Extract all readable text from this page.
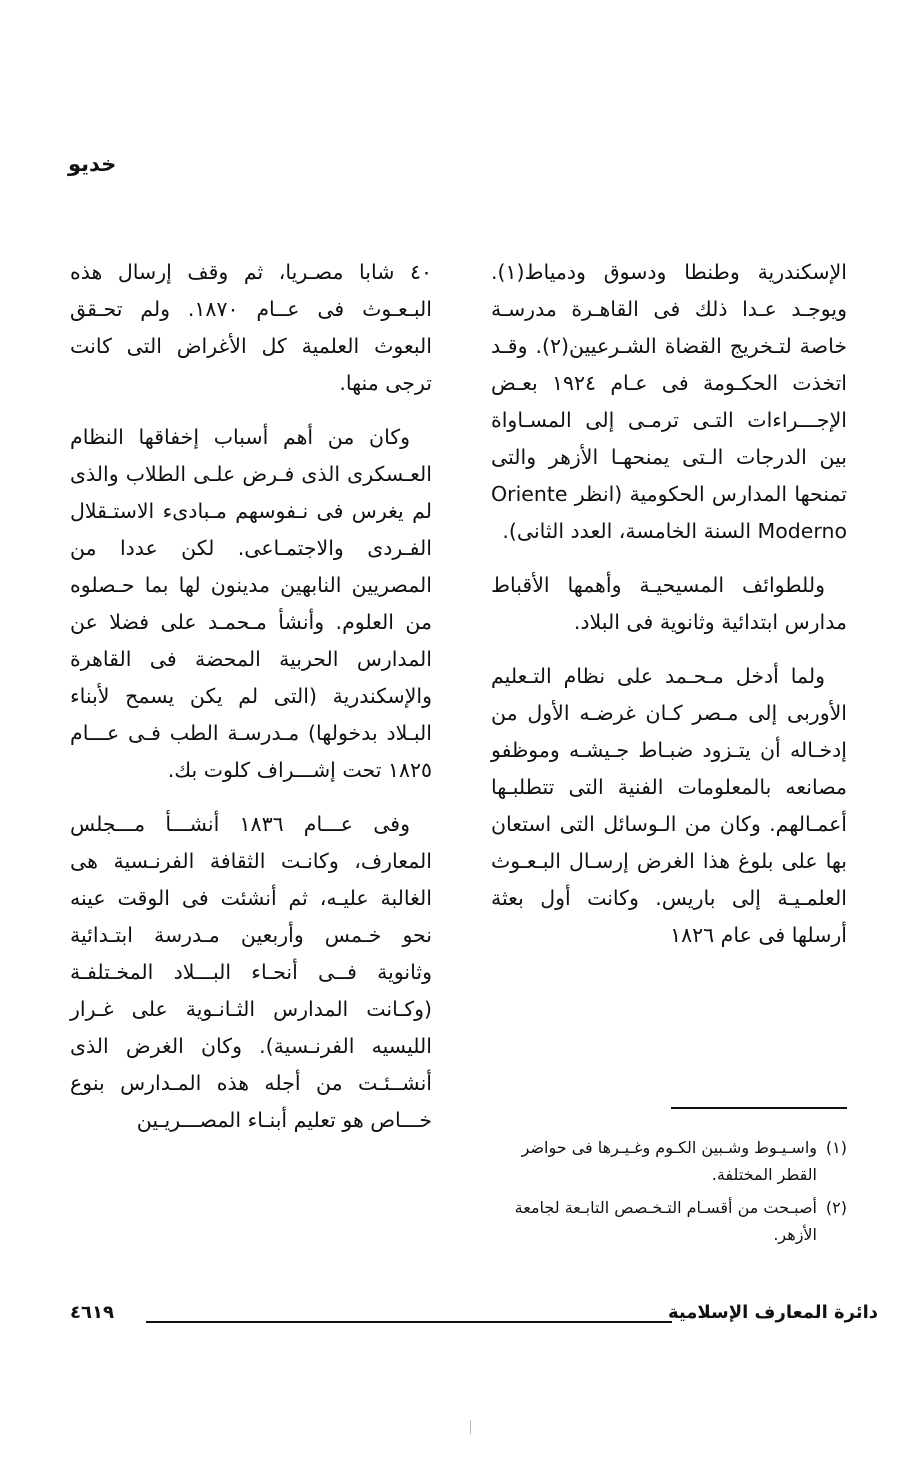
خديو

الإسكندرية وطنطا ودسوق ودمياط(١). ويوجـد عـدا ذلك فى القاهـرة مدرسـة خاصة لتـخريج القضاة الشـرعيين(٢). وقـد اتخذت الحكـومة فى عـام ١٩٢٤ بعـض الإجـــراءات التـى ترمـى إلى المسـاواة بين الدرجات الـتى يمنحهـا الأزهر والتى تمنحها المدارس الحكومية (انظر Oriente Moderno السنة الخامسة، العدد الثانى).

وللطوائف المسيحيـة وأهمها الأقباط مدارس ابتدائية وثانوية فى البلاد.

ولما أدخل مـحـمد على نظام التـعليم الأوربى إلى مـصر كـان غرضـه الأول من إدخـاله أن يتـزود ضبـاط جـيشـه وموظفو مصانعه بالمعلومات الفنية التى تتطلبـها أعمـالهم. وكان من الـوسائل التى استعان بها على بلوغ هذا الغرض إرسـال البـعـوث العلمـيـة إلى باريس. وكانت أول بعثة أرسلها فى عام ١٨٢٦

٤٠ شابا مصـريا، ثم وقف إرسال هذه البـعـوث فى عــام ١٨٧٠. ولم تحـقق البعوث العلمية كل الأغراض التى كانت ترجى منها.

وكان من أهم أسباب إخفاقها النظام العـسكرى الذى فـرض علـى الطلاب والذى لم يغرس فى نـفوسهم مـبادىء الاستـقلال الفـردى والاجتمـاعى. لكن عددا من المصريين النابهين مدينون لها بما حـصلوه من العلوم. وأنشأ مـحمـد على فضلا عن المدارس الحربية المحضة فى القاهرة والإسكندرية (التى لم يكن يسمح لأبناء البـلاد بدخولها) مـدرسـة الطب فـى عـــام ١٨٢٥ تحت إشـــراف كلوت بك.

وفى عـــام ١٨٣٦ أنشـــأ مـــجلس المعارف، وكانـت الثقافة الفرنـسية هى الغالبة عليـه، ثم أنشئت فى الوقت عينه نحو خـمس وأربعين مـدرسة ابتـدائية وثانوية فــى أنحـاء البـــلاد المخـتلفـة (وكـانت المدارس الثـانـوية على غـرار الليسيه الفرنـسية). وكان الغرض الذى أنشــئـت من أجله هذه المـدارس بنوع خـــاص هو تعليم أبنـاء المصـــريـين

(١)
واسـيـوط وشـبين الكـوم وغـيـرها فى حواضر القطر المختلفة.
(٢)
أصبـحت من أقسـام التـخـصص التابـعة لجامعة الأزهر.
دائرة المعارف الإسلامية
٤٦١٩
